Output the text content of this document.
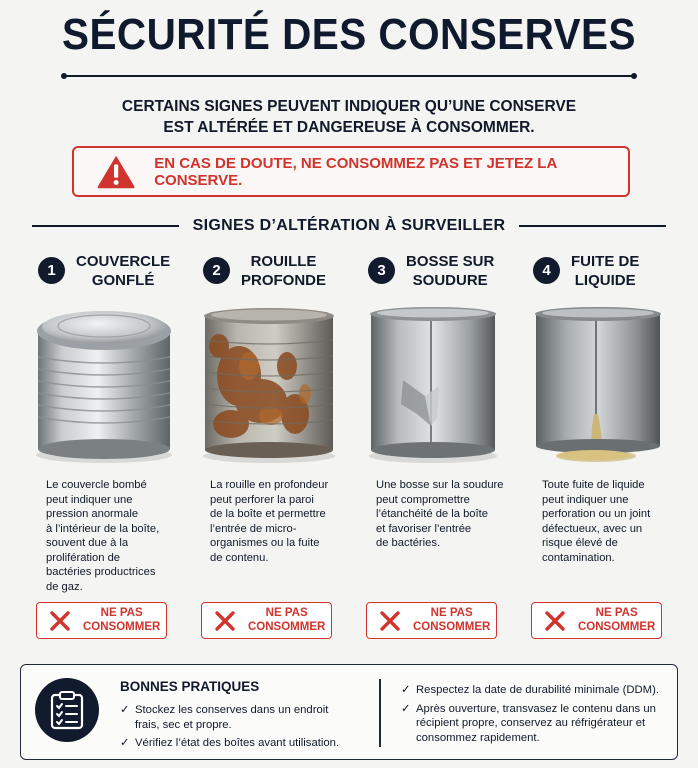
SÉCURITÉ DES CONSERVES
CERTAINS SIGNES PEUVENT INDIQUER QU’UNE CONSERVE
EST ALTÉRÉE ET DANGEREUSE À CONSOMMER.
EN CAS DE DOUTE, NE CONSOMMEZ PAS ET JETEZ LA CONSERVE.
SIGNES D’ALTÉRATION À SURVEILLER
1
COUVERCLE
GONFLÉ
2
ROUILLE
PROFONDE
3
BOSSE SUR
SOUDURE
4
FUITE DE
LIQUIDE
Le couvercle bombé
peut indiquer une
pression anormale
à l’intérieur de la boîte,
souvent due à la
prolifération de
bactéries productrices
de gaz.
La rouille en profondeur
peut perforer la paroi
de la boîte et permettre
l’entrée de micro-
organismes ou la fuite
de contenu.
Une bosse sur la soudure
peut compromettre
l’étanchéité de la boîte
et favoriser l’entrée
de bactéries.
Toute fuite de liquide
peut indiquer une
perforation ou un joint
défectueux, avec un
risque élevé de
contamination.
NE PAS
CONSOMMER
NE PAS
CONSOMMER
NE PAS
CONSOMMER
NE PAS
CONSOMMER
BONNES PRATIQUES
✓ Stockez les conserves dans un endroit
frais, sec et propre.
✓ Vérifiez l’état des boîtes avant utilisation.
✓ Respectez la date de durabilité minimale (DDM).
✓ Après ouverture, transvasez le contenu dans un
récipient propre, conservez au réfrigérateur et
consommez rapidement.
